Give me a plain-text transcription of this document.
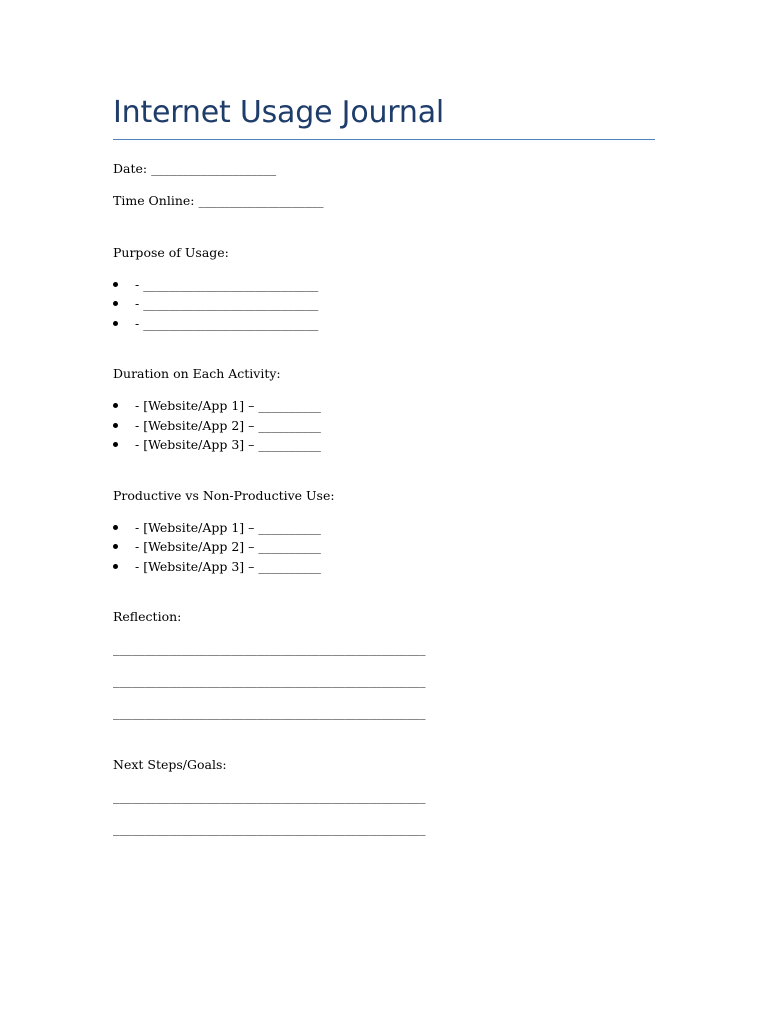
Internet Usage Journal
Date: ____________________
Time Online: ____________________
Purpose of Usage:
- ____________________________
- ____________________________
- ____________________________
Duration on Each Activity:
- [Website/App 1] – __________
- [Website/App 2] – __________
- [Website/App 3] – __________
Productive vs Non-Productive Use:
- [Website/App 1] – __________
- [Website/App 2] – __________
- [Website/App 3] – __________
Reflection:
__________________________________________________
__________________________________________________
__________________________________________________
Next Steps/Goals:
__________________________________________________
__________________________________________________
